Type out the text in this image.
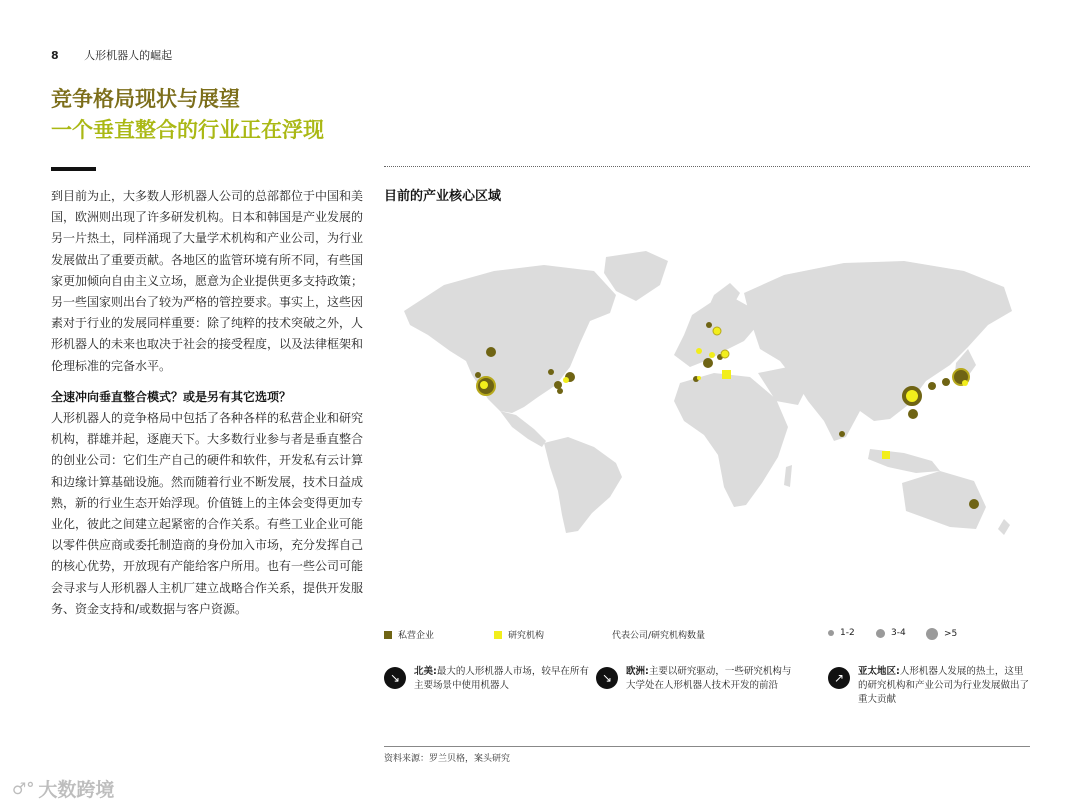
8 人形机器人的崛起
竞争格局现状与展望
一个垂直整合的行业正在浮现

到目前为止，大多数人形机器人公司的总部都位于中国和美国，欧洲则出现了许多研发机构。日本和韩国是产业发展的另一片热土，同样涌现了大量学术机构和产业公司，为行业发展做出了重要贡献。各地区的监管环境有所不同，有些国家更加倾向自由主义立场，愿意为企业提供更多支持政策；另一些国家则出台了较为严格的管控要求。事实上，这些因素对于行业的发展同样重要：除了纯粹的技术突破之外，人形机器人的未来也取决于社会的接受程度，以及法律框架和伦理标准的完备水平。

全速冲向垂直整合模式？或是另有其它选项？

人形机器人的竞争格局中包括了各种各样的私营企业和研究机构，群雄并起，逐鹿天下。大多数行业参与者是垂直整合的创业公司：它们生产自己的硬件和软件，开发私有云计算和边缘计算基础设施。然而随着行业不断发展，技术日益成熟，新的行业生态开始浮现。价值链上的主体会变得更加专业化，彼此之间建立起紧密的合作关系。有些工业企业可能以零件供应商或委托制造商的身份加入市场，充分发挥自己的核心优势，开放现有产能给客户所用。也有一些公司可能会寻求与人形机器人主机厂建立战略合作关系，提供开发服务、资金支持和/或数据与客户资源。

目前的产业核心区域
私营企业	研究机构	代表公司/研究机构数量	1-2	3-4	>5
↘	北美:最大的人形机器人市场，较早在所有主要场景中使用机器人
↘	欧洲:主要以研究驱动，一些研究机构与大学处在人形机器人技术开发的前沿
↗	亚太地区:人形机器人发展的热土，这里的研究机构和产业公司为行业发展做出了重大贡献
资料来源：罗兰贝格，案头研究
♂° 大数跨境
